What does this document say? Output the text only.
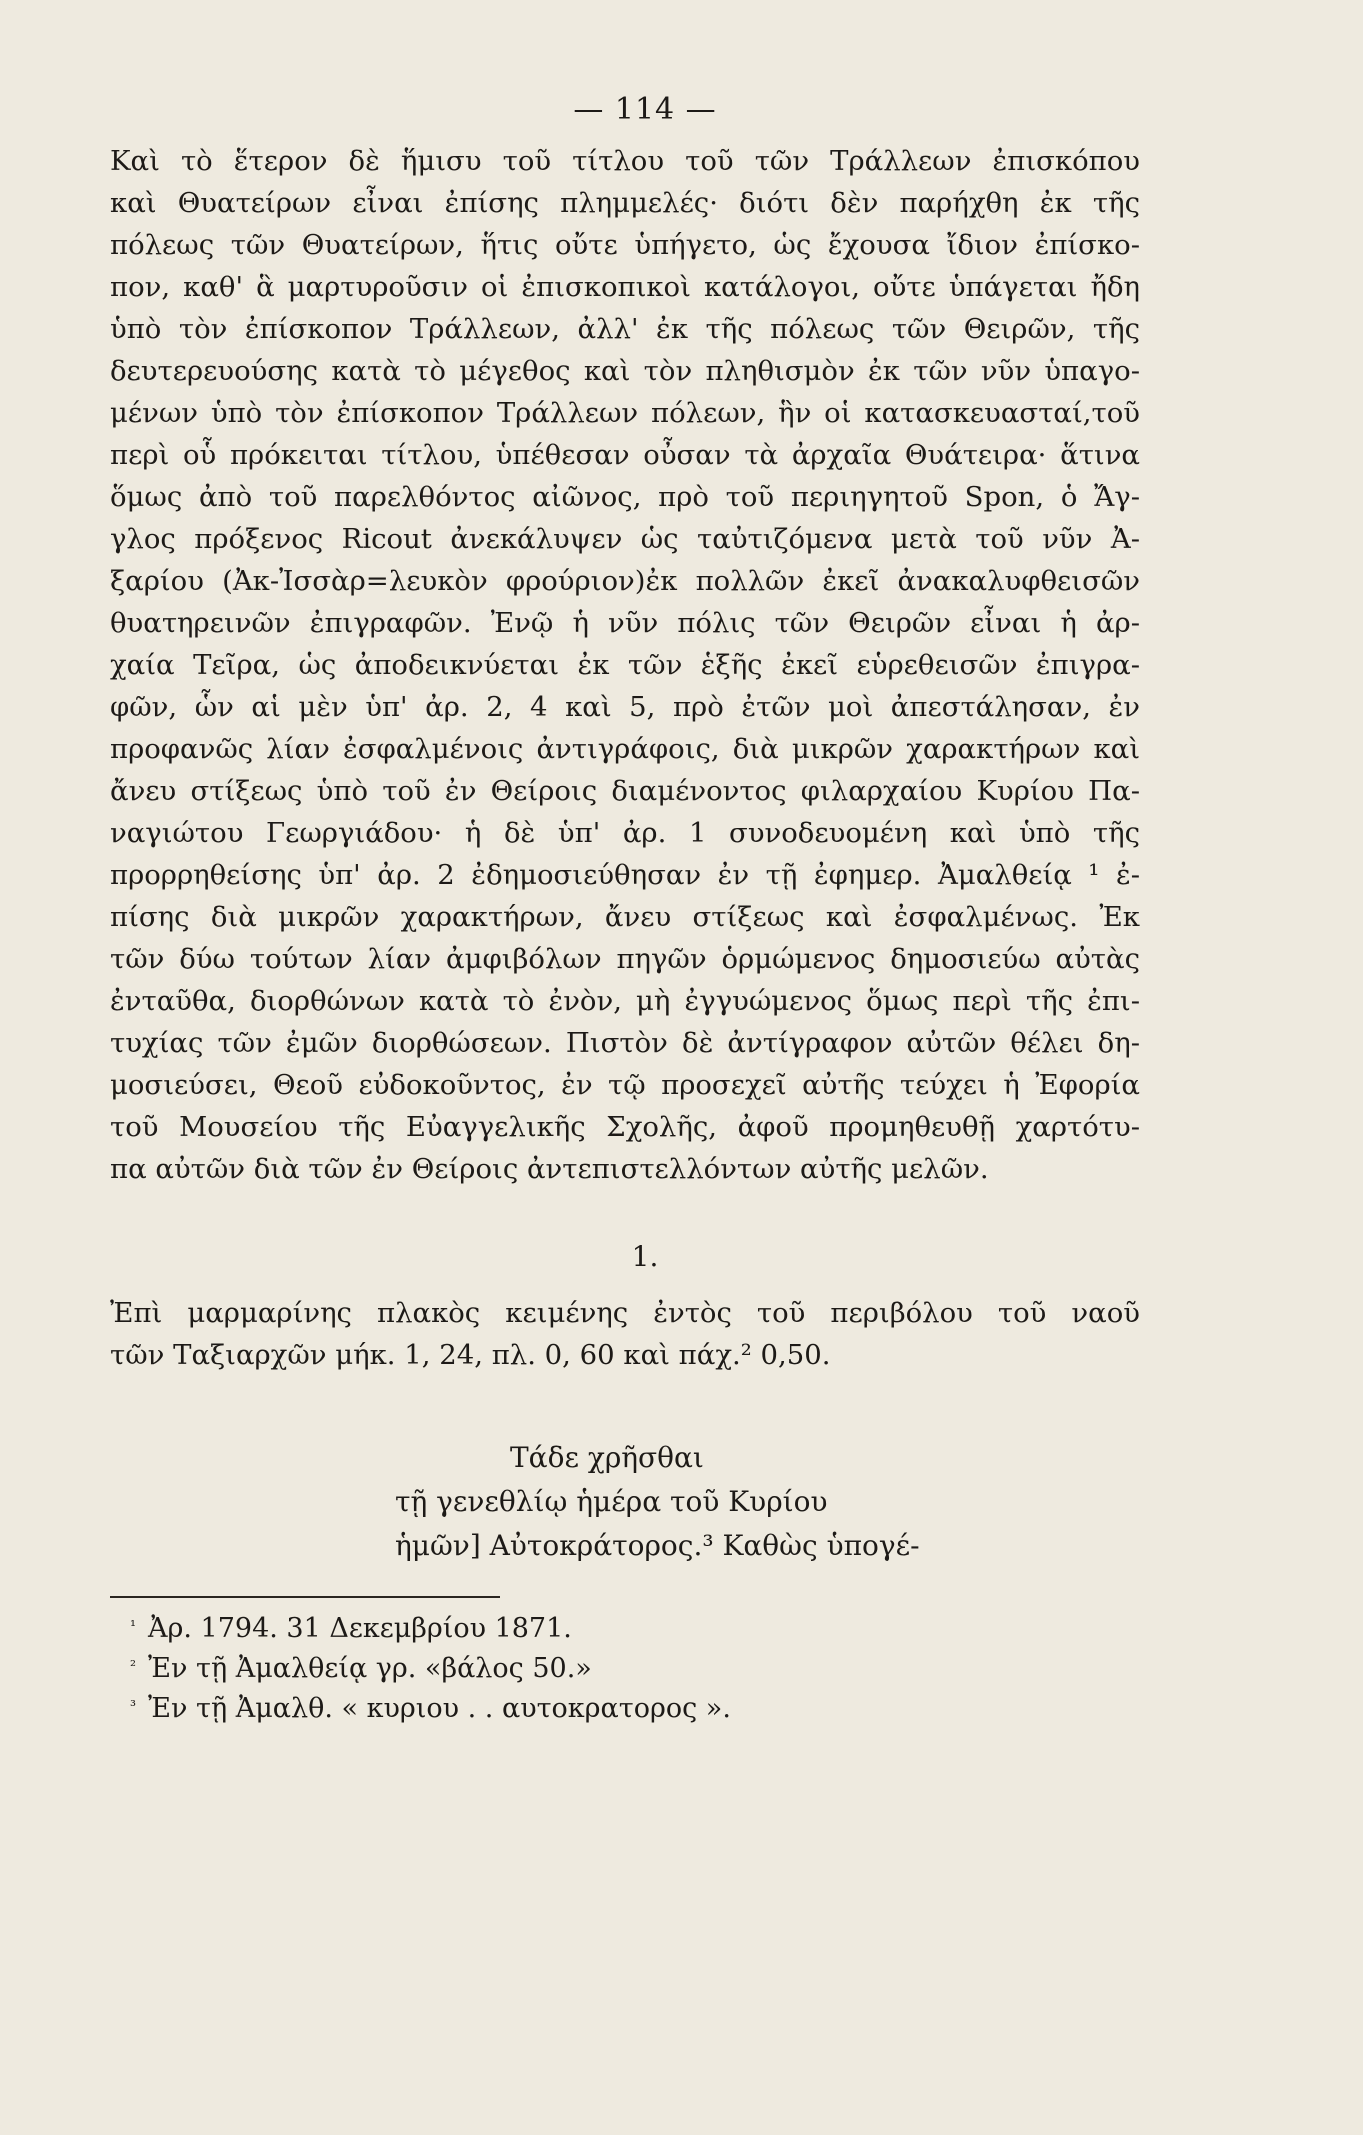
— 114 —
Καὶ τὸ ἕτερον δὲ ἥμισυ τοῦ τίτλου τοῦ τῶν Τράλλεων ἐπισκόπου
καὶ Θυατείρων εἶναι ἐπίσης πλημμελές· διότι δὲν παρήχθη ἐκ τῆς
πόλεως τῶν Θυατείρων, ἥτις οὔτε ὑπήγετο, ὡς ἔχουσα ἴδιον ἐπίσκο-
πον, καθ' ἃ μαρτυροῦσιν οἱ ἐπισκοπικοὶ κατάλογοι, οὔτε ὑπάγεται ἤδη
ὑπὸ τὸν ἐπίσκοπον Τράλλεων, ἀλλ' ἐκ τῆς πόλεως τῶν Θειρῶν, τῆς
δευτερευούσης κατὰ τὸ μέγεθος καὶ τὸν πληθισμὸν ἐκ τῶν νῦν ὑπαγο-
μένων ὑπὸ τὸν ἐπίσκοπον Τράλλεων πόλεων, ἣν οἱ κατασκευασταί,τοῦ
περὶ οὗ πρόκειται τίτλου, ὑπέθεσαν οὖσαν τὰ ἀρχαῖα Θυάτειρα· ἅτινα
ὅμως ἀπὸ τοῦ παρελθόντος αἰῶνος, πρὸ τοῦ περιηγητοῦ Spon, ὁ Ἄγ-
γλος πρόξενος Ricout ἀνεκάλυψεν ὡς ταὐτιζόμενα μετὰ τοῦ νῦν Ἀ-
ξαρίου (Ἀκ-Ἰσσὰρ=λευκὸν φρούριον)ἐκ πολλῶν ἐκεῖ ἀνακαλυφθεισῶν
θυατηρεινῶν ἐπιγραφῶν. Ἐνῷ ἡ νῦν πόλις τῶν Θειρῶν εἶναι ἡ ἀρ-
χαία Τεῖρα, ὡς ἀποδεικνύεται ἐκ τῶν ἑξῆς ἐκεῖ εὑρεθεισῶν ἐπιγρα-
φῶν, ὧν αἱ μὲν ὑπ' ἀρ. 2, 4 καὶ 5, πρὸ ἐτῶν μοὶ ἀπεστάλησαν, ἐν
προφανῶς λίαν ἐσφαλμένοις ἀντιγράφοις, διὰ μικρῶν χαρακτήρων καὶ
ἄνευ στίξεως ὑπὸ τοῦ ἐν Θείροις διαμένοντος φιλαρχαίου Κυρίου Πα-
ναγιώτου Γεωργιάδου· ἡ δὲ ὑπ' ἀρ. 1 συνοδευομένη καὶ ὑπὸ τῆς
προρρηθείσης ὑπ' ἀρ. 2 ἐδημοσιεύθησαν ἐν τῇ ἐφημερ. Ἀμαλθείᾳ ¹ ἐ-
πίσης διὰ μικρῶν χαρακτήρων, ἄνευ στίξεως καὶ ἐσφαλμένως. Ἐκ
τῶν δύω τούτων λίαν ἀμφιβόλων πηγῶν ὁρμώμενος δημοσιεύω αὐτὰς
ἐνταῦθα, διορθώνων κατὰ τὸ ἐνὸν, μὴ ἐγγυώμενος ὅμως περὶ τῆς ἐπι-
τυχίας τῶν ἐμῶν διορθώσεων. Πιστὸν δὲ ἀντίγραφον αὐτῶν θέλει δη-
μοσιεύσει, Θεοῦ εὐδοκοῦντος, ἐν τῷ προσεχεῖ αὐτῆς τεύχει ἡ Ἐφορία
τοῦ Μουσείου τῆς Εὐαγγελικῆς Σχολῆς, ἀφοῦ προμηθευθῇ χαρτότυ-
πα αὐτῶν διὰ τῶν ἐν Θείροις ἀντεπιστελλόντων αὐτῆς μελῶν.
1.
Ἐπὶ μαρμαρίνης πλακὸς κειμένης ἐντὸς τοῦ περιβόλου τοῦ ναοῦ
τῶν Ταξιαρχῶν μήκ. 1, 24, πλ. 0, 60 καὶ πάχ.² 0,50.
Τάδε χρῆσθαι
τῇ γενεθλίῳ ἡμέρα τοῦ Κυρίου
ἡμῶν] Αὐτοκράτορος.³ Καθὼς ὑπογέ-
¹ Ἀρ. 1794. 31 Δεκεμβρίου 1871.
² Ἐν τῇ Ἀμαλθείᾳ γρ. «βάλος 50.»
³ Ἐν τῇ Ἀμαλθ. « κυριου . . αυτοκρατορος ».
